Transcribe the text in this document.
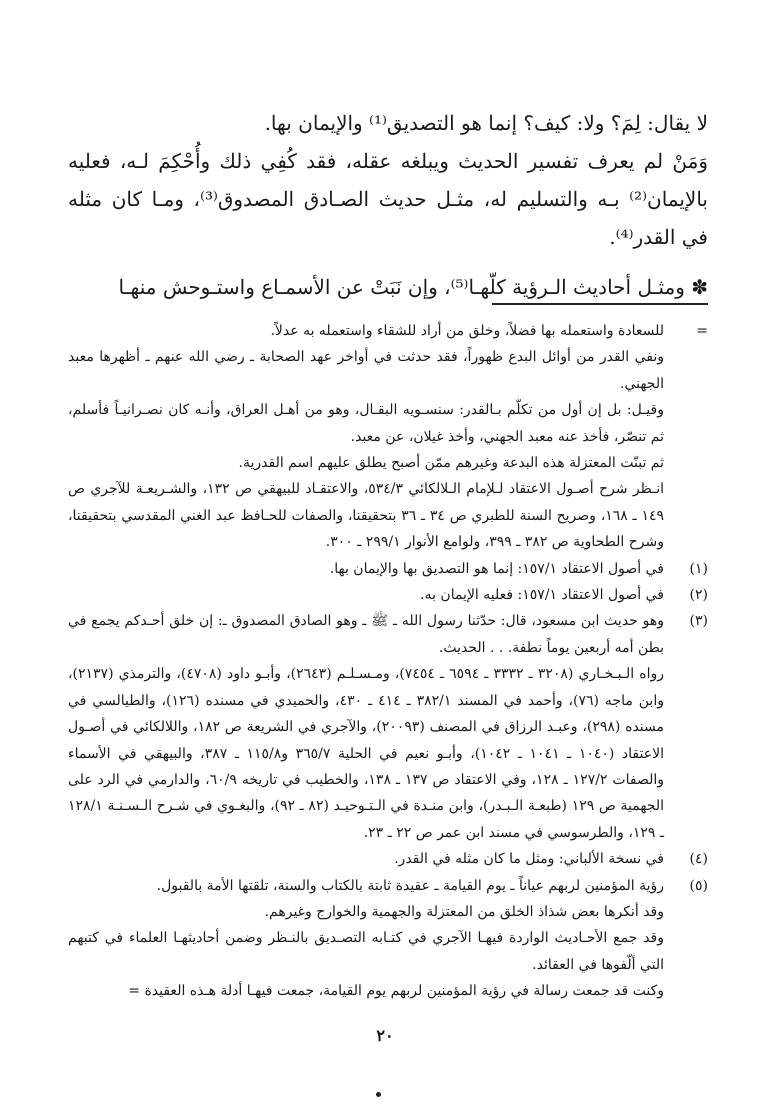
لا يقال: لِمَ؟ ولا: كيف؟ إنما هو التصديق⁽¹⁾ والإيمان بها.

وَمَنْ لم يعرف تفسير الحديث ويبلغه عقله، فقد كُفِي ذلك وأُحْكِمَ لـه، فعليه بالإيمان⁽²⁾ بـه والتسليم له، مثـل حديث الصـادق المصدوق⁽³⁾، ومـا كان مثله في القدر⁽⁴⁾.

✽ ومثـل أحاديث الـرؤية كلّهـا⁽⁵⁾، وإن نَبَتْ عن الأسمـاع واستـوحش منهـا

=

للسعادة واستعمله بها فضلاً، وخلق من أراد للشقاء واستعمله به عدلاً.

ونفي القدر من أوائل البدع ظهوراً، فقد حدثت في أواخر عهد الصحابة ـ رضي الله عنهم ـ أظهرها معبد الجهني.

وقيـل: بل إن أول من تكلّم بـالقدر: سنسـويه البقـال، وهو من أهـل العراق، وأنـه كان نصـرانيـاً فأسلم، ثم تنصّر، فأخذ عنه معبد الجهني، وأخذ غيلان، عن معبد.

ثم تبنّت المعتزلة هذه البدعة وغيرهم ممّن أصبح يطلق عليهم اسم القدرية.

انـظر شرح أصـول الاعتقاد لـلإمام الـلالكائي ٥٣٤/٣، والاعتقـاد للبيهقي ص ١٣٢، والشـريعـة للآجري ص ١٤٩ ـ ١٦٨، وصريح السنة للطبري ص ٣٤ ـ ٣٦ بتحقيقنا، والصفات للحـافظ عبد الغني المقدسي بتحقيقنا، وشرح الطحاوية ص ٣٨٢ ـ ٣٩٩، ولوامع الأنوار ٢٩٩/١ ـ ٣٠٠.

(١)

في أصول الاعتقاد ١٥٧/١: إنما هو التصديق بها والإيمان بها.

(٢)

في أصول الاعتقاد ١٥٧/١: فعليه الإيمان به.

(٣)

وهو حديث ابن مسعود، قال: حدّثنا رسول الله ـ ﷺ ـ وهو الصادق المصدوق ـ: إن خلق أحـدكم يجمع في بطن أمه أربعين يوماً نطفة. . . الحديث.

رواه الـبـخـاري (٣٢٠٨ ـ ٣٣٣٢ ـ ٦٥٩٤ ـ ٧٤٥٤)، ومـسـلـم (٢٦٤٣)، وأبـو داود (٤٧٠٨)، والترمذي (٢١٣٧)، وابن ماجه (٧٦)، وأحمد في المسند ٣٨٢/١ ـ ٤١٤ ـ ٤٣٠، والحميدي في مسنده (١٢٦)، والطيالسي في مسنده (٢٩٨)، وعبـد الرزاق في المصنف (٢٠٠٩٣)، والآجري في الشريعة ص ١٨٢، واللالكائي في أصـول الاعتقاد (١٠٤٠ ـ ١٠٤١ ـ ١٠٤٢)، وأبـو نعيم في الحلية ٣٦٥/٧ و١١٥/٨ ـ ٣٨٧، والبيهقي في الأسماء والصفات ١٢٧/٢ ـ ١٢٨، وفي الاعتقاد ص ١٣٧ ـ ١٣٨، والخطيب في تاريخه ٦٠/٩، والدارمي في الرد على الجهمية ص ١٢٩ (طبعـة الـبـدر)، وابن منـدة في الـتـوحيـد (٨٢ ـ ٩٢)، والبغـوي في شـرح الـسـنـة ١٢٨/١ ـ ١٢٩، والطرسوسي في مسند ابن عمر ص ٢٢ ـ ٢٣.

(٤)

في نسخة الألباني: ومثل ما كان مثله في القدر.

(٥)

رؤية المؤمنين لربهم عياناً ـ يوم القيامة ـ عقيدة ثابتة بالكتاب والسنة، تلقتها الأمة بالقبول.

وقد أنكرها بعض شذاذ الخلق من المعتزلة والجهمية والخوارج وغيرهم.

وقد جمع الأحـاديث الواردة فيهـا الآجري في كتـابه التصـديق بالنـظر وضمن أحاديثهـا العلماء في كتبهم التي ألّفوها في العقائد.

وكنت قد جمعت رسالة في رؤية المؤمنين لربهم يوم القيامة، جمعت فيهـا أدلة هـذه العقيدة =

٢٠
